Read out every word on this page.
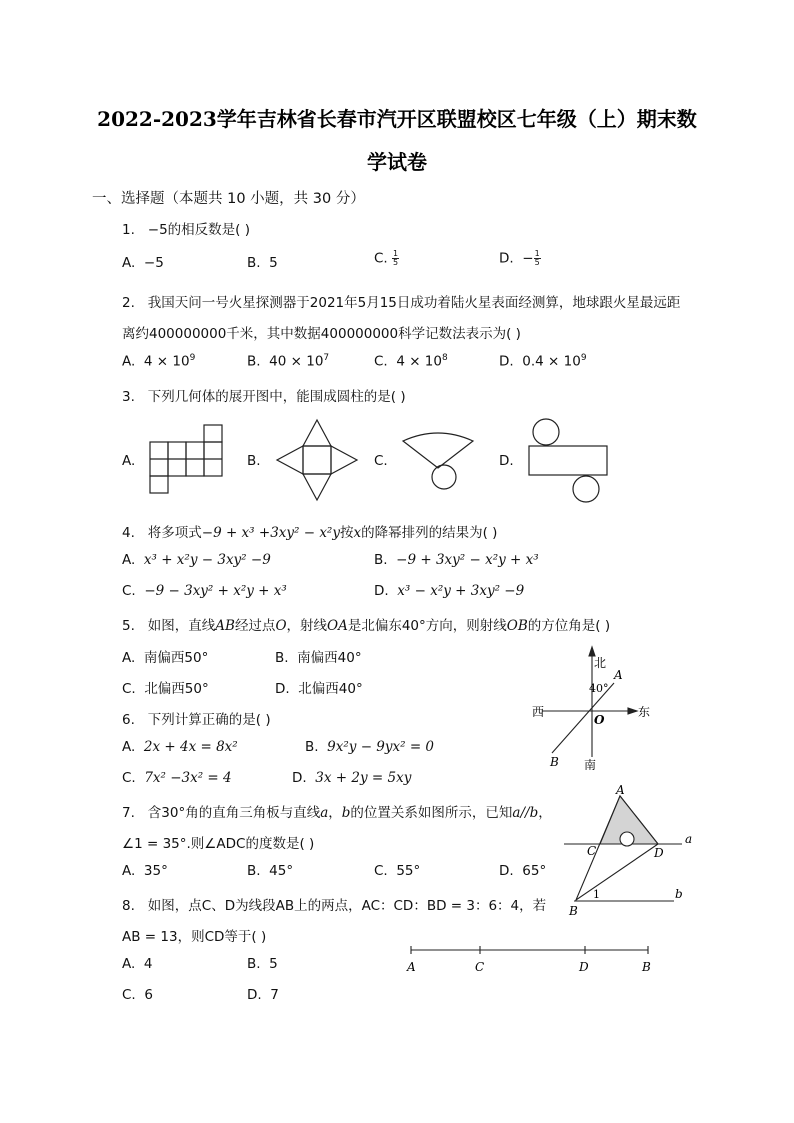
2022-2023学年吉林省长春市汽开区联盟校区七年级（上）期末数
学试卷
一、选择题（本题共 10 小题，共 30 分）
1. −5的相反数是( )
A. −5	B. 5	C. $\frac{1}{5}$	D. − $\frac{1}{5}$
2. 我国天问一号火星探测器于2021年5月15日成功着陆火星表面经测算，地球跟火星最远距
离约400000000千米，其中数据400000000科学记数法表示为( )
A. $4 \times 10^9$	B. $40 \times 10^7$	C. $4 \times 10^8$	D. $0.4 \times 10^9$
3. 下列几何体的展开图中，能围成圆柱的是( )
A.	B.	C.	D.
4. 将多项式−9 + x³ +3xy² − x²y按x的降幂排列的结果为( )
A. x³ + x²y − 3xy² −9	B. −9 + 3xy² − x²y + x³
C. −9 − 3xy² + x²y + x³	D. x³ − x²y + 3xy² −9
5. 如图，直线AB经过点O，射线OA是北偏东40°方向，则射线OB的方位角是( )
A. 南偏西50°	B. 南偏西40°
C. 北偏西50°	D. 北偏西40°
北
南
东
西
40°
A
B
O
6. 下列计算正确的是( )
A. 2x + 4x = 8x²	B. 9x²y − 9yx² = 0
C. 7x² −3x² = 4	D. 3x + 2y = 5xy
7. 含30°角的直角三角板与直线a，b的位置关系如图所示，已知a//b，
∠1 = 35°.则∠ADC的度数是( )
A. 35°	B. 45°	C. 55°	D. 65°
A
B
C	D
a
b
1
8. 如图，点C、D为线段AB上的两点，AC：CD：BD = 3：6：4，若
AB = 13，则CD等于( )
A. 4	B. 5
C. 6	D. 7
A	C	D	B
